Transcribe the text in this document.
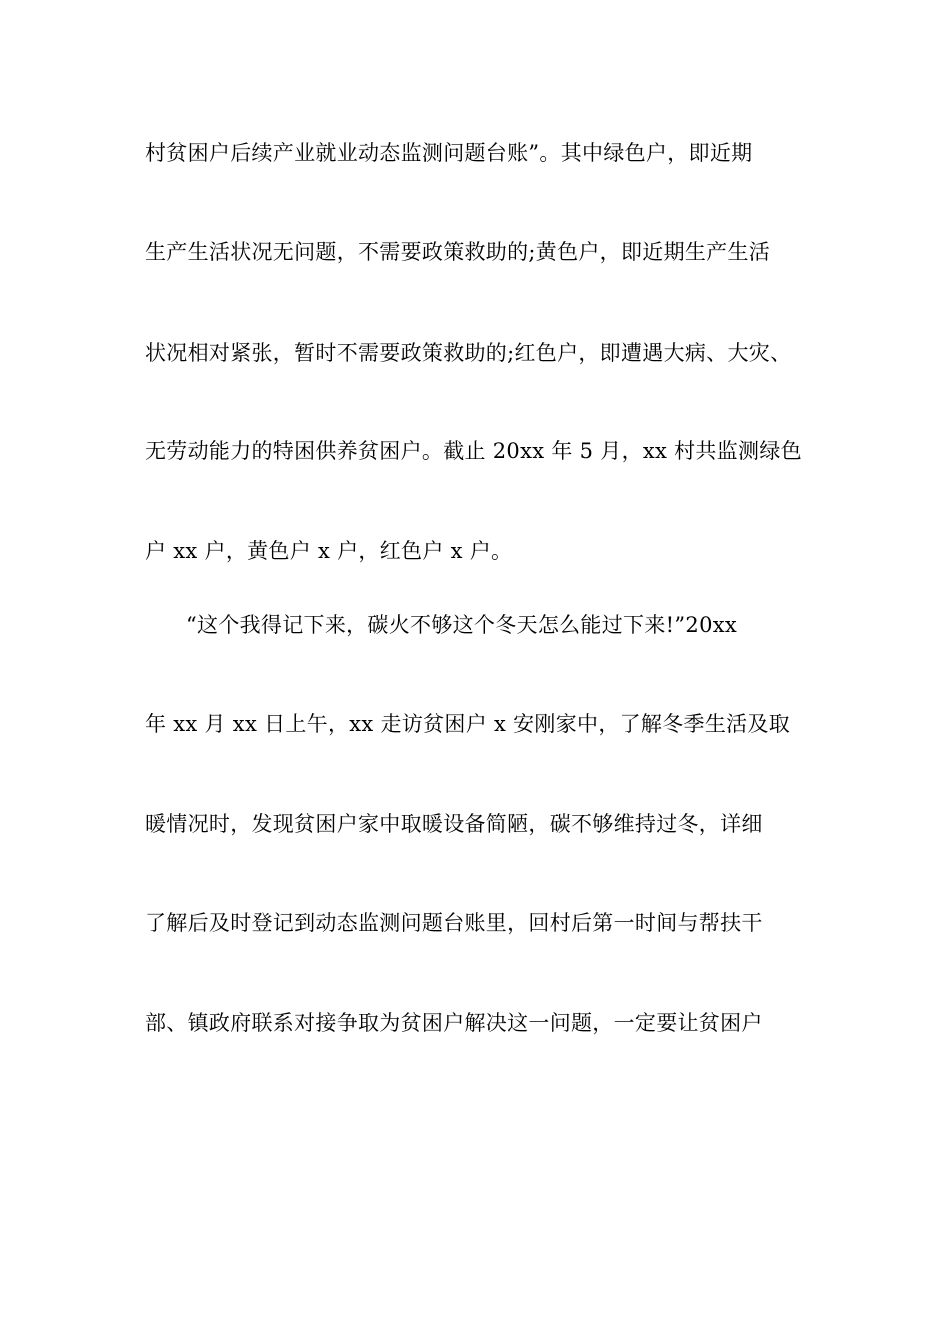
村贫困户后续产业就业动态监测问题台账”。其中绿色户，即近期
生产生活状况无问题，不需要政策救助的;黄色户，即近期生产生活
状况相对紧张，暂时不需要政策救助的;红色户，即遭遇大病、大灾、
无劳动能力的特困供养贫困户。截止 20xx 年 5 月，xx 村共监测绿色
户 xx 户，黄色户 x 户，红色户 x 户。
“这个我得记下来，碳火不够这个冬天怎么能过下来!”20xx
年 xx 月 xx 日上午，xx 走访贫困户 x 安刚家中，了解冬季生活及取
暖情况时，发现贫困户家中取暖设备简陋，碳不够维持过冬，详细
了解后及时登记到动态监测问题台账里，回村后第一时间与帮扶干
部、镇政府联系对接争取为贫困户解决这一问题，一定要让贫困户
